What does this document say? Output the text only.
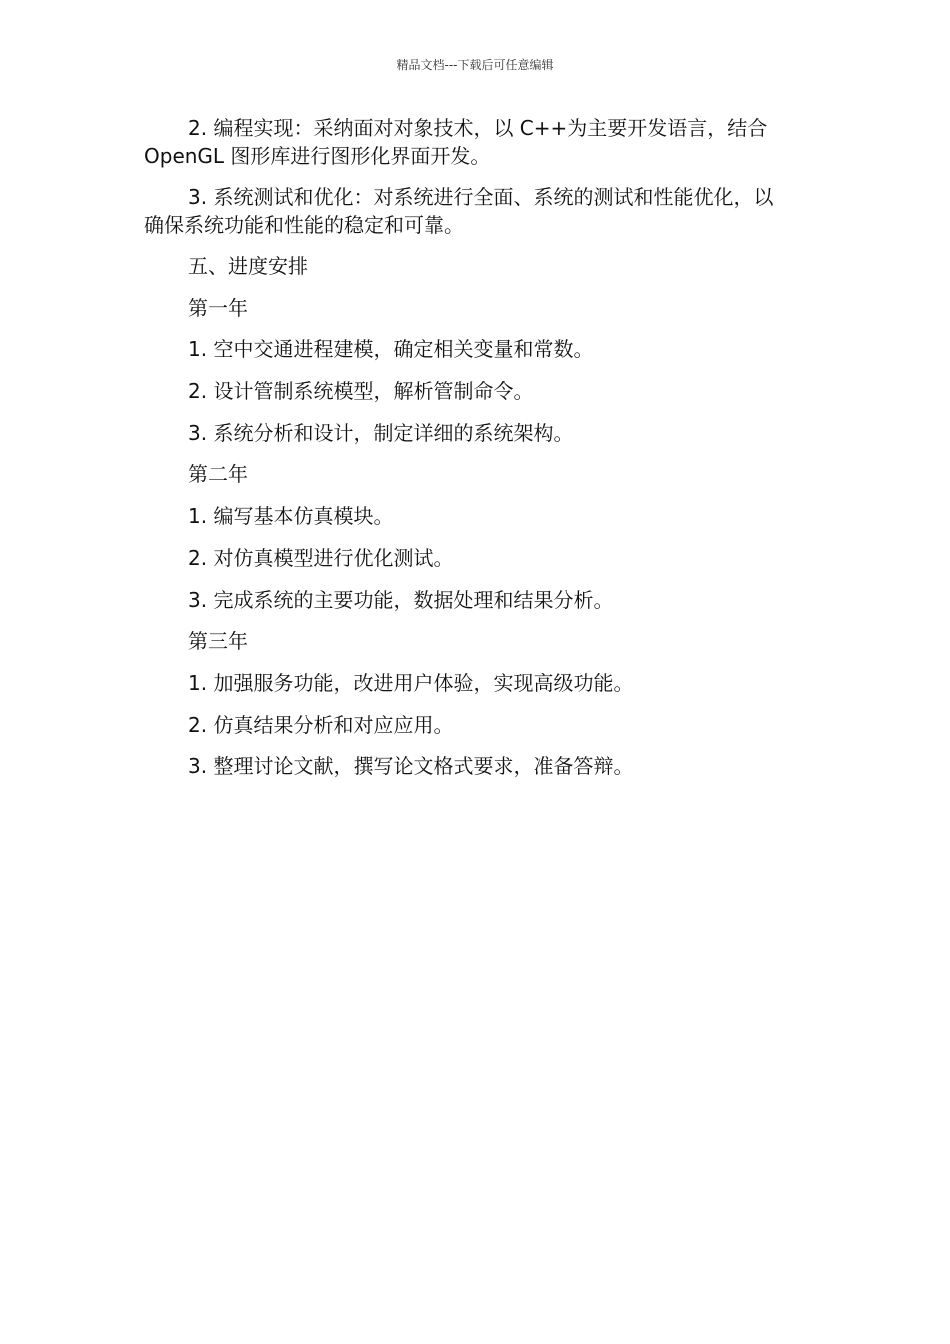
精品文档---下载后可任意编辑

2. 编程实现：采纳面对对象技术，以 C++为主要开发语言，结合

OpenGL 图形库进行图形化界面开发。

3. 系统测试和优化：对系统进行全面、系统的测试和性能优化，以

确保系统功能和性能的稳定和可靠。

五、进度安排

第一年

1. 空中交通进程建模，确定相关变量和常数。

2. 设计管制系统模型，解析管制命令。

3. 系统分析和设计，制定详细的系统架构。

第二年

1. 编写基本仿真模块。

2. 对仿真模型进行优化测试。

3. 完成系统的主要功能，数据处理和结果分析。

第三年

1. 加强服务功能，改进用户体验，实现高级功能。

2. 仿真结果分析和对应应用。

3. 整理讨论文献，撰写论文格式要求，准备答辩。
